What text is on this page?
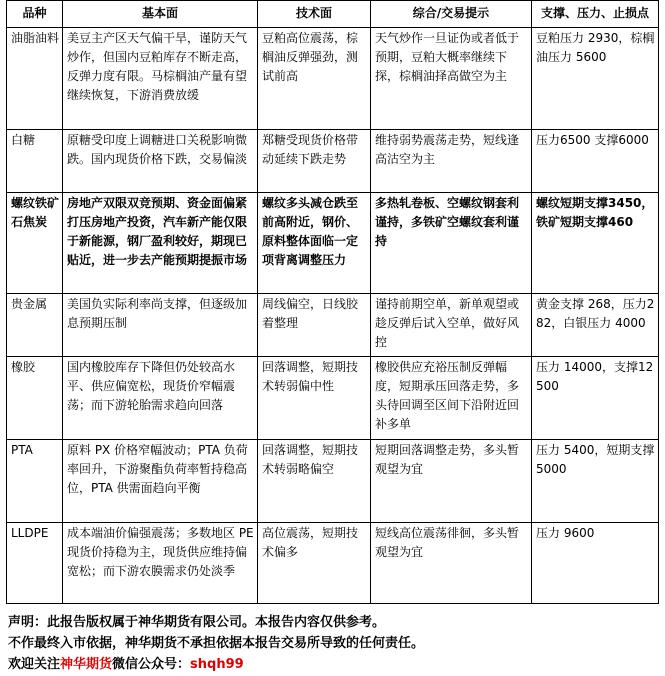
品种	基本面	技术面	综合/交易提示	支撑、压力、止损点
油脂油料	美豆主产区天气偏干旱，谨防天气炒作，但国内豆粕库存不断走高，反弹力度有限。马棕榈油产量有望继续恢复，下游消费放缓	豆粕高位震荡，棕榈油反弹强劲，测试前高	天气炒作一旦证伪或者低于预期，豆粕大概率继续下探，棕榈油择高做空为主	豆粕压力 2930，棕榈油压力 5600
白糖	原糖受印度上调糖进口关税影响微跌。国内现货价格下跌，交易偏淡	郑糖受现货价格带动延续下跌走势	维持弱势震荡走势，短线逢高沽空为主	压力6500 支撑6000
螺纹铁矿石焦炭	房地产双限双竞预期、资金面偏紧打压房地产投资，汽车新产能仅限于新能源，钢厂盈利较好，期现已贴近，进一步去产能预期提振市场	螺纹多头减仓跌至前高附近，钢价、原料整体面临一定项背离调整压力	多热轧卷板、空螺纹钢套利谨持，多铁矿空螺纹套利谨持	螺纹短期支撑3450，铁矿短期支撑460
贵金属	美国负实际利率尚支撑，但逐级加息预期压制	周线偏空，日线胶着整理	谨持前期空单，新单观望或趁反弹后试入空单，做好风控	黄金支撑 268，压力282，白银压力 4000
橡胶	国内橡胶库存下降但仍处较高水平、供应偏宽松，现货价窄幅震荡；而下游轮胎需求趋向回落	回落调整，短期技术转弱偏中性	橡胶供应充裕压制反弹幅度，短期承压回落走势，多头待回调至区间下沿附近回补多单	压力 14000，支撑12500
PTA	原料 PX 价格窄幅波动；PTA 负荷率回升，下游聚酯负荷率暂持稳高位，PTA 供需面趋向平衡	回落调整，短期技术转弱略偏空	短期回落调整走势，多头暂观望为宜	压力 5400，短期支撑 5000
LLDPE	成本端油价偏强震荡；多数地区 PE 现货价持稳为主，现货供应维持偏宽松；而下游农膜需求仍处淡季	高位震荡，短期技术偏多	短线高位震荡徘徊，多头暂观望为宜	压力 9600
声明：此报告版权属于神华期货有限公司。本报告内容仅供参考。
不作最终入市依据，神华期货不承担依据本报告交易所导致的任何责任。
欢迎关注神华期货微信公众号：shqh99
